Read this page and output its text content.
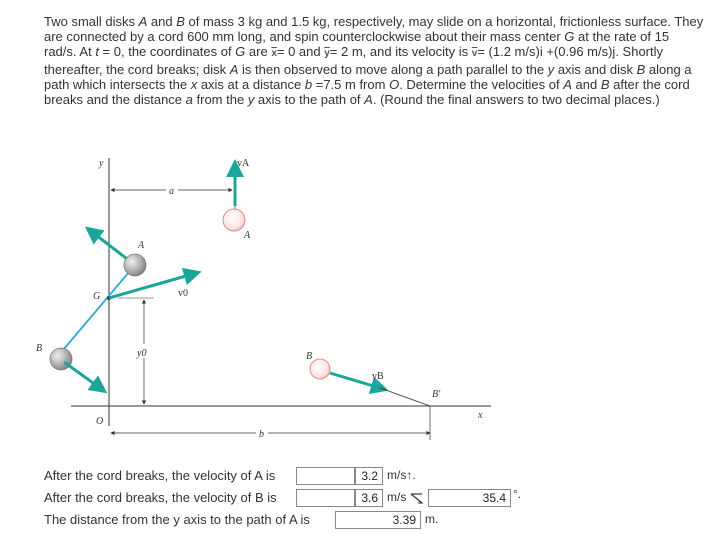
Two small disks A and B of mass 3 kg and 1.5 kg, respectively, may slide on a horizontal, frictionless surface. They are connected by a cord 600 mm long, and spin counterclockwise about their mass center G at the rate of 15 rad/s. At t = 0, the coordinates of G are $\overline{x}= 0$ and $\overline{y}= 2$ m, and its velocity is $\overline{v}= (1.2$ m/s)i +(0.96 m/s)j. Shortly thereafter, the cord breaks; disk A is then observed to move along a path parallel to the y axis and disk B along a path which intersects the x axis at a distance b =7.5 m from O. Determine the velocities of A and B after the cord breaks and the distance a from the y axis to the path of A. (Round the final answers to two decimal places.)

y
x
O
a
b
vA
A
A
G	v0
y0
B
B
vB
B'
After the cord breaks, the velocity of A is	3.2 m/s↑.
After the cord breaks, the velocity of B is	3.6 m/s	35.4 °.
The distance from the y axis to the path of A is	3.39 m.
